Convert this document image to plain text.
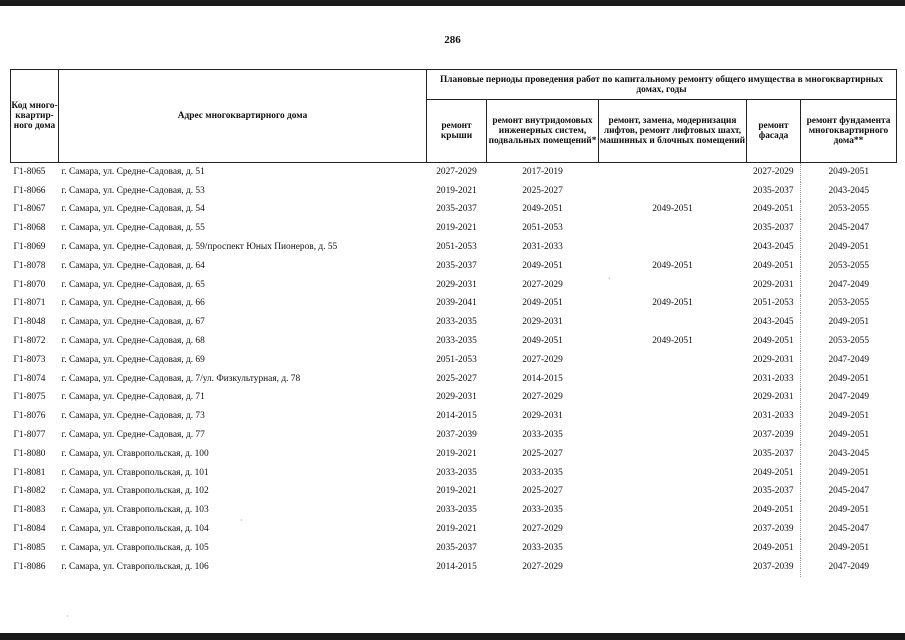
286
Код много-квартир-ного дома	Адрес многоквартирного дома	Плановые периоды проведения работ по капитальному ремонту общего имущества в многоквартирных домах, годы				
		ремонт крыши	ремонт внутридомовых инженерных систем, подвальных помещений*	ремонт, замена, модернизация лифтов, ремонт лифтовых шахт, машинных и блочных помещений	ремонт фасада	ремонт фундамента многоквартирного дома**
Г1-8065	г. Самара, ул. Средне-Садовая, д. 51	2027-2029	2017-2019		2027-2029	2049-2051
Г1-8066	г. Самара, ул. Средне-Садовая, д. 53	2019-2021	2025-2027		2035-2037	2043-2045
Г1-8067	г. Самара, ул. Средне-Садовая, д. 54	2035-2037	2049-2051	2049-2051	2049-2051	2053-2055
Г1-8068	г. Самара, ул. Средне-Садовая, д. 55	2019-2021	2051-2053		2035-2037	2045-2047
Г1-8069	г. Самара, ул. Средне-Садовая, д. 59/проспект Юных Пионеров, д. 55	2051-2053	2031-2033		2043-2045	2049-2051
Г1-8078	г. Самара, ул. Средне-Садовая, д. 64	2035-2037	2049-2051	2049-2051	2049-2051	2053-2055
Г1-8070	г. Самара, ул. Средне-Садовая, д. 65	2029-2031	2027-2029		2029-2031	2047-2049
Г1-8071	г. Самара, ул. Средне-Садовая, д. 66	2039-2041	2049-2051	2049-2051	2051-2053	2053-2055
Г1-8048	г. Самара, ул. Средне-Садовая, д. 67	2033-2035	2029-2031		2043-2045	2049-2051
Г1-8072	г. Самара, ул. Средне-Садовая, д. 68	2033-2035	2049-2051	2049-2051	2049-2051	2053-2055
Г1-8073	г. Самара, ул. Средне-Садовая, д. 69	2051-2053	2027-2029		2029-2031	2047-2049
Г1-8074	г. Самара, ул. Средне-Садовая, д. 7/ул. Физкультурная, д. 78	2025-2027	2014-2015		2031-2033	2049-2051
Г1-8075	г. Самара, ул. Средне-Садовая, д. 71	2029-2031	2027-2029		2029-2031	2047-2049
Г1-8076	г. Самара, ул. Средне-Садовая, д. 73	2014-2015	2029-2031		2031-2033	2049-2051
Г1-8077	г. Самара, ул. Средне-Садовая, д. 77	2037-2039	2033-2035		2037-2039	2049-2051
Г1-8080	г. Самара, ул. Ставропольская, д. 100	2019-2021	2025-2027		2035-2037	2043-2045
Г1-8081	г. Самара, ул. Ставропольская, д. 101	2033-2035	2033-2035		2049-2051	2049-2051
Г1-8082	г. Самара, ул. Ставропольская, д. 102	2019-2021	2025-2027		2035-2037	2045-2047
Г1-8083	г. Самара, ул. Ставропольская, д. 103	2033-2035	2033-2035		2049-2051	2049-2051
Г1-8084	г. Самара, ул. Ставропольская, д. 104	2019-2021	2027-2029		2037-2039	2045-2047
Г1-8085	г. Самара, ул. Ставропольская, д. 105	2035-2037	2033-2035		2049-2051	2049-2051
Г1-8086	г. Самара, ул. Ставропольская, д. 106	2014-2015	2027-2029		2037-2039	2047-2049
·
·
·
